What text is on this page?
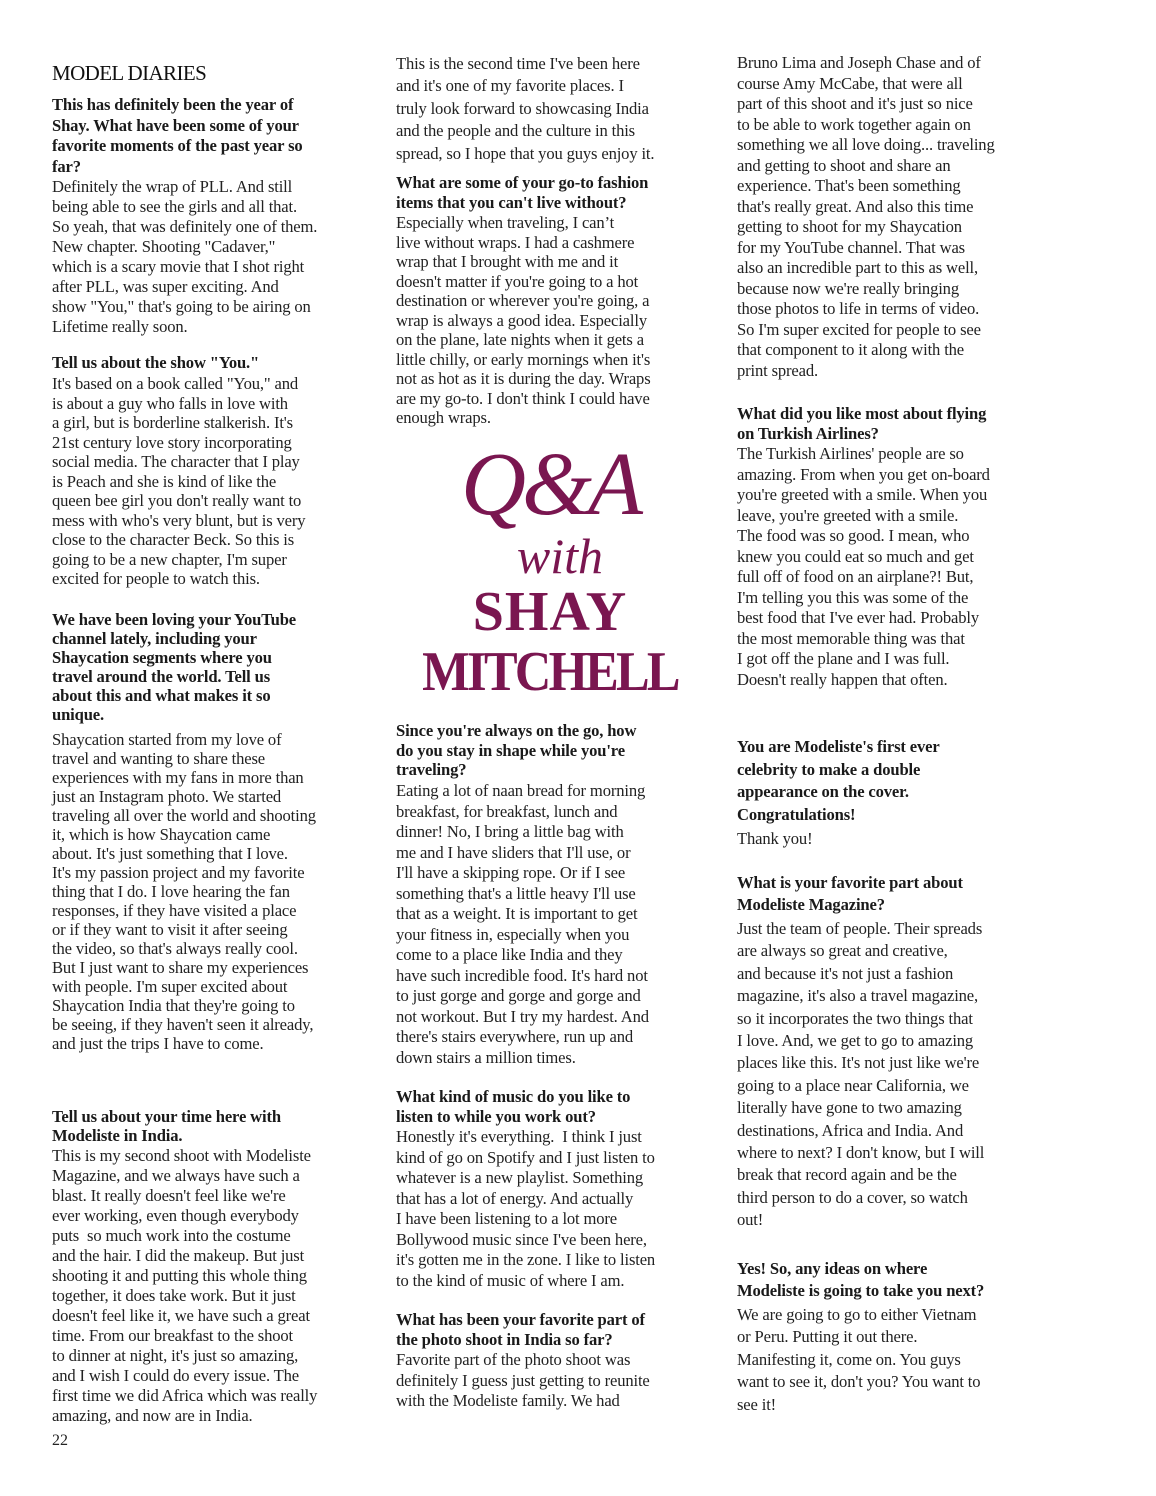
MODEL DIARIES

This has definitely been the year of
Shay. What have been some of your
favorite moments of the past year so
far?

Definitely the wrap of PLL. And still
being able to see the girls and all that.
So yeah, that was definitely one of them.
New chapter. Shooting "Cadaver,"
which is a scary movie that I shot right
after PLL, was super exciting. And
show "You," that's going to be airing on
Lifetime really soon.

Tell us about the show "You."

It's based on a book called "You," and
is about a guy who falls in love with
a girl, but is borderline stalkerish. It's
21st century love story incorporating
social media. The character that I play
is Peach and she is kind of like the
queen bee girl you don't really want to
mess with who's very blunt, but is very
close to the character Beck. So this is
going to be a new chapter, I'm super
excited for people to watch this.

We have been loving your YouTube
channel lately, including your
Shaycation segments where you
travel around the world. Tell us
about this and what makes it so
unique.

Shaycation started from my love of
travel and wanting to share these
experiences with my fans in more than
just an Instagram photo. We started
traveling all over the world and shooting
it, which is how Shaycation came
about. It's just something that I love.
It's my passion project and my favorite
thing that I do. I love hearing the fan
responses, if they have visited a place
or if they want to visit it after seeing
the video, so that's always really cool.
But I just want to share my experiences
with people. I'm super excited about
Shaycation India that they're going to
be seeing, if they haven't seen it already,
and just the trips I have to come.

Tell us about your time here with
Modeliste in India.

This is my second shoot with Modeliste
Magazine, and we always have such a
blast. It really doesn't feel like we're
ever working, even though everybody
puts  so much work into the costume
and the hair. I did the makeup. But just
shooting it and putting this whole thing
together, it does take work. But it just
doesn't feel like it, we have such a great
time. From our breakfast to the shoot
to dinner at night, it's just so amazing,
and I wish I could do every issue. The
first time we did Africa which was really
amazing, and now are in India.

22

This is the second time I've been here
and it's one of my favorite places. I
truly look forward to showcasing India
and the people and the culture in this
spread, so I hope that you guys enjoy it.

What are some of your go-to fashion
items that you can't live without?

Especially when traveling, I can’t
live without wraps. I had a cashmere
wrap that I brought with me and it
doesn't matter if you're going to a hot
destination or wherever you're going, a
wrap is always a good idea. Especially
on the plane, late nights when it gets a
little chilly, or early mornings when it's
not as hot as it is during the day. Wraps
are my go-to. I don't think I could have
enough wraps.

Q&A
with
SHAY
MITCHELL

Since you're always on the go, how
do you stay in shape while you're
traveling?

Eating a lot of naan bread for morning
breakfast, for breakfast, lunch and
dinner! No, I bring a little bag with
me and I have sliders that I'll use, or
I'll have a skipping rope. Or if I see
something that's a little heavy I'll use
that as a weight. It is important to get
your fitness in, especially when you
come to a place like India and they
have such incredible food. It's hard not
to just gorge and gorge and gorge and
not workout. But I try my hardest. And
there's stairs everywhere, run up and
down stairs a million times.

What kind of music do you like to
listen to while you work out?

Honestly it's everything.  I think I just
kind of go on Spotify and I just listen to
whatever is a new playlist. Something
that has a lot of energy. And actually
I have been listening to a lot more
Bollywood music since I've been here,
it's gotten me in the zone. I like to listen
to the kind of music of where I am.

What has been your favorite part of
the photo shoot in India so far?

Favorite part of the photo shoot was
definitely I guess just getting to reunite
with the Modeliste family. We had

Bruno Lima and Joseph Chase and of
course Amy McCabe, that were all
part of this shoot and it's just so nice
to be able to work together again on
something we all love doing... traveling
and getting to shoot and share an
experience. That's been something
that's really great. And also this time
getting to shoot for my Shaycation
for my YouTube channel. That was
also an incredible part to this as well,
because now we're really bringing
those photos to life in terms of video.
So I'm super excited for people to see
that component to it along with the
print spread.

What did you like most about flying
on Turkish Airlines?

The Turkish Airlines' people are so
amazing. From when you get on-board
you're greeted with a smile. When you
leave, you're greeted with a smile.
The food was so good. I mean, who
knew you could eat so much and get
full off of food on an airplane?! But,
I'm telling you this was some of the
best food that I've ever had. Probably
the most memorable thing was that
I got off the plane and I was full.
Doesn't really happen that often.

You are Modeliste's first ever
celebrity to make a double
appearance on the cover.
Congratulations!

Thank you!

What is your favorite part about
Modeliste Magazine?

Just the team of people. Their spreads
are always so great and creative,
and because it's not just a fashion
magazine, it's also a travel magazine,
so it incorporates the two things that
I love. And, we get to go to amazing
places like this. It's not just like we're
going to a place near California, we
literally have gone to two amazing
destinations, Africa and India. And
where to next? I don't know, but I will
break that record again and be the
third person to do a cover, so watch
out!

Yes! So, any ideas on where
Modeliste is going to take you next?

We are going to go to either Vietnam
or Peru. Putting it out there.
Manifesting it, come on. You guys
want to see it, don't you? You want to
see it!
